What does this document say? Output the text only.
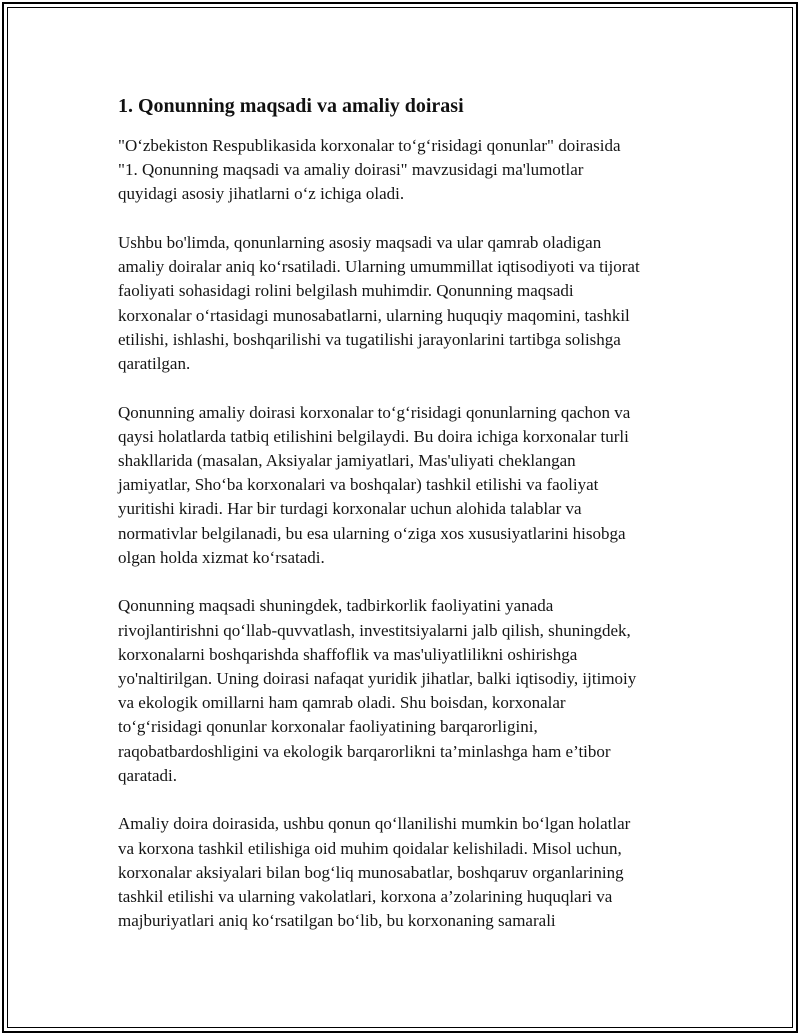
1. Qonunning maqsadi va amaliy doirasi

"O‘zbekiston Respublikasida korxonalar to‘g‘risidagi qonunlar" doirasida
"1. Qonunning maqsadi va amaliy doirasi" mavzusidagi ma'lumotlar
quyidagi asosiy jihatlarni o‘z ichiga oladi.

Ushbu bo'limda, qonunlarning asosiy maqsadi va ular qamrab oladigan
amaliy doiralar aniq ko‘rsatiladi. Ularning umummillat iqtisodiyoti va tijorat
faoliyati sohasidagi rolini belgilash muhimdir. Qonunning maqsadi
korxonalar o‘rtasidagi munosabatlarni, ularning huquqiy maqomini, tashkil
etilishi, ishlashi, boshqarilishi va tugatilishi jarayonlarini tartibga solishga
qaratilgan.

Qonunning amaliy doirasi korxonalar to‘g‘risidagi qonunlarning qachon va
qaysi holatlarda tatbiq etilishini belgilaydi. Bu doira ichiga korxonalar turli
shakllarida (masalan, Aksiyalar jamiyatlari, Mas'uliyati cheklangan
jamiyatlar, Sho‘ba korxonalari va boshqalar) tashkil etilishi va faoliyat
yuritishi kiradi. Har bir turdagi korxonalar uchun alohida talablar va
normativlar belgilanadi, bu esa ularning o‘ziga xos xususiyatlarini hisobga
olgan holda xizmat ko‘rsatadi.

Qonunning maqsadi shuningdek, tadbirkorlik faoliyatini yanada
rivojlantirishni qo‘llab-quvvatlash, investitsiyalarni jalb qilish, shuningdek,
korxonalarni boshqarishda shaffoflik va mas'uliyatlilikni oshirishga
yo'naltirilgan. Uning doirasi nafaqat yuridik jihatlar, balki iqtisodiy, ijtimoiy
va ekologik omillarni ham qamrab oladi. Shu boisdan, korxonalar
to‘g‘risidagi qonunlar korxonalar faoliyatining barqarorligini,
raqobatbardoshligini va ekologik barqarorlikni ta’minlashga ham e’tibor
qaratadi.

Amaliy doira doirasida, ushbu qonun qo‘llanilishi mumkin bo‘lgan holatlar
va korxona tashkil etilishiga oid muhim qoidalar kelishiladi. Misol uchun,
korxonalar aksiyalari bilan bog‘liq munosabatlar, boshqaruv organlarining
tashkil etilishi va ularning vakolatlari, korxona a’zolarining huquqlari va
majburiyatlari aniq ko‘rsatilgan bo‘lib, bu korxonaning samarali
